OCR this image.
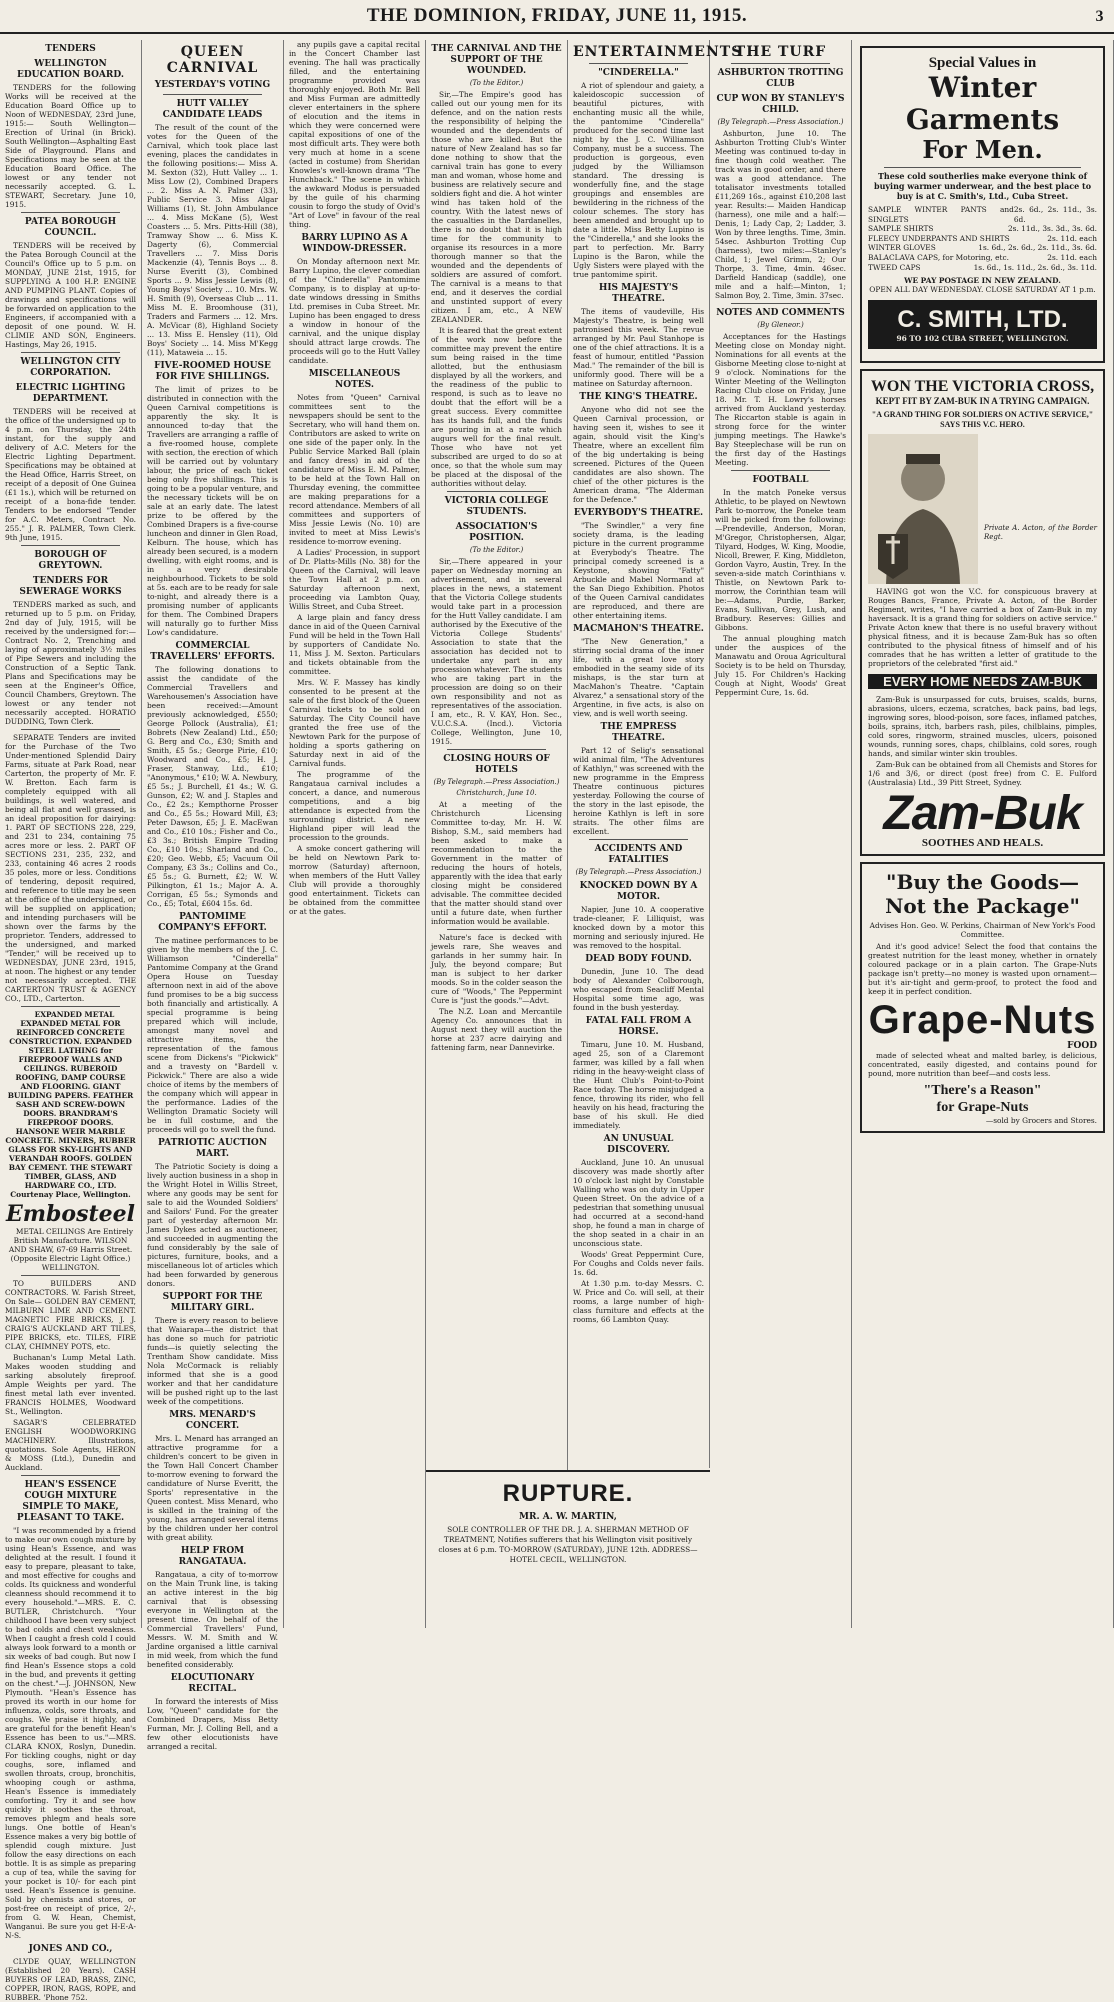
THE DOMINION, FRIDAY, JUNE 11, 1915.	3
TENDERS
WELLINGTON EDUCATION BOARD.

TENDERS for the following Works will be received at the Education Board Office up to Noon of WEDNESDAY, 23rd June, 1915:— South Wellington—Erection of Urinal (in Brick). South Wellington—Asphalting East Side of Playground. Plans and Specifications may be seen at the Education Board Office. The lowest or any tender not necessarily accepted. G. L. STEWART, Secretary. June 10, 1915.

PATEA BOROUGH COUNCIL.

TENDERS will be received by the Patea Borough Council at the Council's Office up to 5 p.m. on MONDAY, JUNE 21st, 1915, for SUPPLYING A 100 H.P. ENGINE AND PUMPING PLANT. Copies of drawings and specifications will be forwarded on application to the Engineers, if accompanied with a deposit of one pound. W. H. CLIMIE AND SON, Engineers. Hastings, May 26, 1915.

WELLINGTON CITY CORPORATION.
ELECTRIC LIGHTING DEPARTMENT.

TENDERS will be received at the office of the undersigned up to 4 p.m. on Thursday, the 24th instant, for the supply and delivery of A.C. Meters for the Electric Lighting Department. Specifications may be obtained at the Head Office, Harris Street, on receipt of a deposit of One Guinea (£1 1s.), which will be returned on receipt of a bona-fide tender. Tenders to be endorsed "Tender for A.C. Meters, Contract No. 255." J. R. PALMER, Town Clerk. 9th June, 1915.

BOROUGH OF GREYTOWN.
TENDERS FOR SEWERAGE WORKS

TENDERS marked as such, and returned up to 5 p.m. on Friday, 2nd day of July, 1915, will be received by the undersigned for:— Contract No. 2, Trenching and laying of approximately 3½ miles of Pipe Sewers and including the Construction of a Septic Tank. Plans and Specifications may be seen at the Engineer's Office, Council Chambers, Greytown. The lowest or any tender not necessarily accepted. HORATIO DUDDING, Town Clerk.

SEPARATE Tenders are invited for the Purchase of the Two Under-mentioned Splendid Dairy Farms, situate at Park Road, near Carterton, the property of Mr. F. W. Bretton. Each farm is completely equipped with all buildings, is well watered, and being all flat and well grassed, is an ideal proposition for dairying: 1. PART OF SECTIONS 228, 229, and 231 to 234, containing 75 acres more or less. 2. PART OF SECTIONS 231, 235, 232, and 233, containing 46 acres 2 roods 35 poles, more or less. Conditions of tendering, deposit required, and reference to title may be seen at the office of the undersigned, or will be supplied on application; and intending purchasers will be shown over the farms by the proprietor. Tenders, addressed to the undersigned, and marked "Tender," will be received up to WEDNESDAY, JUNE 23rd, 1915, at noon. The highest or any tender not necessarily accepted. THE CARTERTON TRUST & AGENCY CO., LTD., Carterton.

EXPANDED METAL EXPANDED METAL FOR REINFORCED CONCRETE CONSTRUCTION. EXPANDED STEEL LATHING for FIREPROOF WALLS AND CEILINGS. RUBEROID ROOFING, DAMP COURSE AND FLOORING. GIANT BUILDING PAPERS. FEATHER SASH AND SCREW-DOWN DOORS. BRANDRAM'S FIREPROOF DOORS. HANSONE WEIR MARBLE CONCRETE. MINERS, RUBBER GLASS FOR SKY-LIGHTS AND VERANDAH ROOFS. GOLDEN BAY CEMENT. THE STEWART TIMBER, GLASS, AND HARDWARE CO., LTD. Courtenay Place, Wellington.

Embosteel

METAL CEILINGS Are Entirely British Manufacture. WILSON AND SHAW, 67-69 Harris Street. (Opposite Electric Light Office.) WELLINGTON.

TO BUILDERS AND CONTRACTORS. W. Farish Street, On Sale— GOLDEN BAY CEMENT, MILBURN LIME AND CEMENT. MAGNETIC FIRE BRICKS, J. J. CRAIG'S AUCKLAND ART TILES, PIPE BRICKS, etc. TILES, FIRE CLAY, CHIMNEY POTS, etc.

Buchanan's Lump Metal Lath. Makes wooden studding and sarking absolutely fireproof. Ample Weights per yard. The finest metal lath ever invented. FRANCIS HOLMES, Woodward St., Wellington.

SAGAR'S CELEBRATED ENGLISH WOODWORKING MACHINERY. Illustrations, quotations. Sole Agents, HERON & MOSS (Ltd.), Dunedin and Auckland.

HEAN'S ESSENCE COUGH MIXTURE SIMPLE TO MAKE, PLEASANT TO TAKE.

"I was recommended by a friend to make our own cough mixture by using Hean's Essence, and was delighted at the result. I found it easy to prepare, pleasant to take, and most effective for coughs and colds. Its quickness and wonderful cleanness should recommend it to every household."—MRS. E. C. BUTLER, Christchurch. "Your childhood I have been very subject to bad colds and chest weakness. When I caught a fresh cold I could always look forward to a month or six weeks of bad cough. But now I find Hean's Essence stops a cold in the bud, and prevents it getting on the chest."—J. JOHNSON, New Plymouth. "Hean's Essence has proved its worth in our home for influenza, colds, sore throats, and coughs. We praise it highly, and are grateful for the benefit Hean's Essence has been to us."—MRS. CLARA KNOX, Roslyn, Dunedin. For tickling coughs, night or day coughs, sore, inflamed and swollen throats, croup, bronchitis, whooping cough or asthma, Hean's Essence is immediately comforting. Try it and see how quickly it soothes the throat, removes phlegm and heals sore lungs. One bottle of Hean's Essence makes a very big bottle of splendid cough mixture. Just follow the easy directions on each bottle. It is as simple as preparing a cup of tea, while the saving for your pocket is 10/- for each pint used. Hean's Essence is genuine. Sold by chemists and stores, or post-free on receipt of price, 2/-, from G. W. Hean, Chemist, Wanganui. Be sure you get H-E-A-N-S.

JONES AND CO.,

CLYDE QUAY, WELLINGTON (Established 20 Years). CASH BUYERS OF LEAD, BRASS, ZINC, COPPER, IRON, RAGS, ROPE, and RUBBER. 'Phone 752.

QUEEN CARNIVAL
YESTERDAY'S VOTING
HUTT VALLEY CANDIDATE LEADS

The result of the count of the votes for the Queen of the Carnival, which took place last evening, places the candidates in the following positions:— Miss A. M. Sexton (32), Hutt Valley ... 1. Miss Low (2), Combined Drapers ... 2. Miss A. N. Palmer (33), Public Service 3. Miss Algar Williams (1), St. John Ambulance ... 4. Miss McKane (5), West Coasters ... 5. Mrs. Pitts-Hill (38), Tramway Show ... 6. Miss K. Dagerty (6), Commercial Travellers ... 7. Miss Doris Mackenzie (4), Tennis Boys ... 8. Nurse Everitt (3), Combined Sports ... 9. Miss Jessie Lewis (8), Young Boys' Society ... 10. Mrs. W. H. Smith (9), Overseas Club ... 11. Miss M. E. Broomhouse (31), Traders and Farmers ... 12. Mrs. A. McVicar (8), Highland Society ... 13. Miss E. Hensley (11), Old Boys' Society ... 14. Miss M'Kegg (11), Mataweia ... 15.

FIVE-ROOMED HOUSE FOR FIVE SHILLINGS.

The limit of prizes to be distributed in connection with the Queen Carnival competitions is apparently the sky. It is announced to-day that the Travellers are arranging a raffle of a five-roomed house, complete with section, the erection of which will be carried out by voluntary labour, the price of each ticket being only five shillings. This is going to be a popular venture, and the necessary tickets will be on sale at an early date. The latest prize to be offered by the Combined Drapers is a five-course luncheon and dinner in Glen Road, Kelburn. The house, which has already been secured, is a modern dwelling, with eight rooms, and is in a very desirable neighbourhood. Tickets to be sold at 5s. each are to be ready for sale to-night, and already there is a promising number of applicants for them. The Combined Drapers will naturally go to further Miss Low's candidature.

COMMERCIAL TRAVELLERS' EFFORTS.

The following donations to assist the candidate of the Commercial Travellers and Warehousemen's Association have been received:—Amount previously acknowledged, £550; George Pollock (Australia), £1; Bobrets (New Zealand) Ltd., £50; G. Berg and Co., £30; Smith and Smith, £5 5s.; George Pirie, £10; Woodward and Co., £5; H. J. Fraser, Stanway, Ltd., £10; "Anonymous," £10; W. A. Newbury, £5 5s.; J. Burchell, £1 4s.; W. G. Gunson, £2; W. and J. Staples and Co., £2 2s.; Kempthorne Prosser and Co., £5 5s.; Howard Mill, £3; Peter Dawson, £5; J. E. MacEwan and Co., £10 10s.; Fisher and Co., £3 3s.; British Empire Trading Co., £10 10s.; Sharland and Co., £20; Geo. Webb, £5; Vacuum Oil Company, £3 3s.; Collins and Co., £5 5s.; G. Burnett, £2; W. W. Pilkington, £1 1s.; Major A. A. Corrigan, £5 5s.; Symonds and Co., £5; Total, £604 15s. 6d.

PANTOMIME COMPANY'S EFFORT.

The matinee performances to be given by the members of the J. C. Williamson "Cinderella" Pantomime Company at the Grand Opera House on Tuesday afternoon next in aid of the above fund promises to be a big success both financially and artistically. A special programme is being prepared which will include, amongst many novel and attractive items, the representation of the famous scene from Dickens's "Pickwick" and a travesty on "Bardell v. Pickwick." There are also a wide choice of items by the members of the company which will appear in the performance. Ladies of the Wellington Dramatic Society will be in full costume, and the proceeds will go to swell the fund.

PATRIOTIC AUCTION MART.

The Patriotic Society is doing a lively auction business in a shop in the Wright Hotel in Willis Street, where any goods may be sent for sale to aid the Wounded Soldiers' and Sailors' Fund. For the greater part of yesterday afternoon Mr. James Dykes acted as auctioneer, and succeeded in augmenting the fund considerably by the sale of pictures, furniture, books, and a miscellaneous lot of articles which had been forwarded by generous donors.

SUPPORT FOR THE MILITARY GIRL.

There is every reason to believe that Waiarapa—the district that has done so much for patriotic funds—is quietly selecting the Trentham Show candidate. Miss Nola McCormack is reliably informed that she is a good worker and that her candidature will be pushed right up to the last week of the competitions.

MRS. MENARD'S CONCERT.

Mrs. L. Menard has arranged an attractive programme for a children's concert to be given in the Town Hall Concert Chamber to-morrow evening to forward the candidature of Nurse Everitt, the Sports' representative in the Queen contest. Miss Menard, who is skilled in the training of the young, has arranged several items by the children under her control with great ability.

HELP FROM RANGATAUA.

Rangataua, a city of to-morrow on the Main Trunk line, is taking an active interest in the big carnival that is obsessing everyone in Wellington at the present time. On behalf of the Commercial Travellers' Fund, Messrs. W. M. Smith and W. Jardine organised a little carnival in mid week, from which the fund benefited considerably.

ELOCUTIONARY RECITAL.

In forward the interests of Miss Low, "Queen" candidate for the Combined Drapers, Miss Betty Furman, Mr. J. Colling Bell, and a few other elocutionists have arranged a recital.

any pupils gave a capital recital in the Concert Chamber last evening. The hall was practically filled, and the entertaining programme provided was thoroughly enjoyed. Both Mr. Bell and Miss Furman are admittedly clever entertainers in the sphere of elocution and the items in which they were concerned were capital expositions of one of the most difficult arts. They were both very much at home in a scene (acted in costume) from Sheridan Knowles's well-known drama "The Hunchback." The scene in which the awkward Modus is persuaded by the guile of his charming cousin to forgo the study of Ovid's "Art of Love" in favour of the real thing.

BARRY LUPINO AS A WINDOW-DRESSER.

On Monday afternoon next Mr. Barry Lupino, the clever comedian of the "Cinderella" Pantomime Company, is to display at up-to-date windows dressing in Smiths Ltd. premises in Cuba Street. Mr. Lupino has been engaged to dress a window in honour of the carnival, and the unique display should attract large crowds. The proceeds will go to the Hutt Valley candidate.

MISCELLANEOUS NOTES.

Notes from "Queen" Carnival committees sent to the newspapers should be sent to the Secretary, who will hand them on. Contributors are asked to write on one side of the paper only. In the Public Service Marked Ball (plain and fancy dress) in aid of the candidature of Miss E. M. Palmer, to be held at the Town Hall on Thursday evening, the committee are making preparations for a record attendance. Members of all committees and supporters of Miss Jessie Lewis (No. 10) are invited to meet at Miss Lewis's residence to-morrow evening.

A Ladies' Procession, in support of Dr. Platts-Mills (No. 38) for the Queen of the Carnival, will leave the Town Hall at 2 p.m. on Saturday afternoon next, proceeding via Lambton Quay, Willis Street, and Cuba Street.

A large plain and fancy dress dance in aid of the Queen Carnival Fund will be held in the Town Hall by supporters of Candidate No. 11, Miss J. M. Sexton. Particulars and tickets obtainable from the committee.

Mrs. W. F. Massey has kindly consented to be present at the sale of the first block of the Queen Carnival tickets to be sold on Saturday. The City Council have granted the free use of the Newtown Park for the purpose of holding a sports gathering on Saturday next in aid of the Carnival funds.

The programme of the Rangataua carnival includes a concert, a dance, and numerous competitions, and a big attendance is expected from the surrounding district. A new Highland piper will lead the procession to the grounds.

A smoke concert gathering will be held on Newtown Park to-morrow (Saturday) afternoon, when members of the Hutt Valley Club will provide a thoroughly good entertainment. Tickets can be obtained from the committee or at the gates.

THE CARNIVAL AND THE SUPPORT OF THE WOUNDED.
(To the Editor.)

Sir,—The Empire's good has called out our young men for its defence, and on the nation rests the responsibility of helping the wounded and the dependents of those who are killed. But the nature of New Zealand has so far done nothing to show that the carnival train has gone to every man and woman, whose home and business are relatively secure and soldiers fight and die. A hot winter wind has taken hold of the country. With the latest news of the casualties in the Dardanelles, there is no doubt that it is high time for the community to organise its resources in a more thorough manner so that the wounded and the dependents of soldiers are assured of comfort. The carnival is a means to that end, and it deserves the cordial and unstinted support of every citizen. I am, etc., A NEW ZEALANDER.

It is feared that the great extent of the work now before the committee may prevent the entire sum being raised in the time allotted, but the enthusiasm displayed by all the workers, and the readiness of the public to respond, is such as to leave no doubt that the effort will be a great success. Every committee has its hands full, and the funds are pouring in at a rate which augurs well for the final result. Those who have not yet subscribed are urged to do so at once, so that the whole sum may be placed at the disposal of the authorities without delay.

VICTORIA COLLEGE STUDENTS.
ASSOCIATION'S POSITION.
(To the Editor.)

Sir,—There appeared in your paper on Wednesday morning an advertisement, and in several places in the news, a statement that the Victoria College students would take part in a procession for the Hutt Valley candidate. I am authorised by the Executive of the Victoria College Students' Association to state that the association has decided not to undertake any part in any procession whatever. The students who are taking part in the procession are doing so on their own responsibility and not as representatives of the association. I am, etc., R. V. KAY, Hon. Sec., V.U.C.S.A. (Incd.). Victoria College, Wellington, June 10, 1915.

CLOSING HOURS OF HOTELS
(By Telegraph.—Press Association.)
Christchurch, June 10.

At a meeting of the Christchurch Licensing Committee to-day, Mr. H. W. Bishop, S.M., said members had been asked to make a recommendation to the Government in the matter of reducing the hours of hotels, apparently with the idea that early closing might be considered advisable. The committee decided that the matter should stand over until a future date, when further information would be available.

Nature's face is decked with jewels rare, She weaves and garlands in her summy hair. In July, the beyond compare; But man is subject to her darker moods. So in the colder season the cure of "Woods," The Peppermint Cure is "just the goods."—Advt.

The N.Z. Loan and Mercantile Agency Co. announces that in August next they will auction the horse at 237 acre dairying and fattening farm, near Dannevirke.

RUPTURE.
MR. A. W. MARTIN,

SOLE CONTROLLER OF THE DR. J. A. SHERMAN METHOD OF TREATMENT, Notifies sufferers that his Wellington visit positively closes at 6 p.m. TO-MORROW (SATURDAY), JUNE 12th. ADDRESS—HOTEL CECIL, WELLINGTON.

ENTERTAINMENTS
"CINDERELLA."

A riot of splendour and gaiety, a kaleidoscopic succession of beautiful pictures, with enchanting music all the while, the pantomime "Cinderella" produced for the second time last night by the J. C. Williamson Company, must be a success. The production is gorgeous, even judged by the Williamson standard. The dressing is wonderfully fine, and the stage groupings and ensembles are bewildering in the richness of the colour schemes. The story has been amended and brought up to date a little. Miss Betty Lupino is the "Cinderella," and she looks the part to perfection. Mr. Barry Lupino is the Baron, while the Ugly Sisters were played with the true pantomime spirit.

HIS MAJESTY'S THEATRE.

The items of vaudeville, His Majesty's Theatre, is being well patronised this week. The revue arranged by Mr. Paul Stanhope is one of the chief attractions. It is a feast of humour, entitled "Passion Mad." The remainder of the bill is uniformly good. There will be a matinee on Saturday afternoon.

THE KING'S THEATRE.

Anyone who did not see the Queen Carnival procession, or having seen it, wishes to see it again, should visit the King's Theatre, where an excellent film of the big undertaking is being screened. Pictures of the Queen candidates are also shown. The chief of the other pictures is the American drama, "The Alderman for the Defence."

EVERYBODY'S THEATRE.

"The Swindler," a very fine society drama, is the leading picture in the current programme at Everybody's Theatre. The principal comedy screened is a Keystone, showing "Fatty" Arbuckle and Mabel Normand at the San Diego Exhibition. Photos of the Queen Carnival candidates are reproduced, and there are other entertaining items.

MACMAHON'S THEATRE.

"The New Generation," a stirring social drama of the inner life, with a great love story embodied in the seamy side of its mishaps, is the star turn at MacMahon's Theatre. "Captain Alvarez," a sensational story of the Argentine, in five acts, is also on view, and is well worth seeing.

THE EMPRESS THEATRE.

Part 12 of Selig's sensational wild animal film, "The Adventures of Kathlyn," was screened with the new programme in the Empress Theatre continuous pictures yesterday. Following the course of the story in the last episode, the heroine Kathlyn is left in sore straits. The other films are excellent.

ACCIDENTS AND FATALITIES
(By Telegraph.—Press Association.)
KNOCKED DOWN BY A MOTOR.

Napier, June 10. A cooperative trade-cleaner, F. Lilliquist, was knocked down by a motor this morning and seriously injured. He was removed to the hospital.

DEAD BODY FOUND.

Dunedin, June 10. The dead body of Alexander Colborough, who escaped from Seacliff Mental Hospital some time ago, was found in the bush yesterday.

FATAL FALL FROM A HORSE.

Timaru, June 10. M. Husband, aged 25, son of a Claremont farmer, was killed by a fall when riding in the heavy-weight class of the Hunt Club's Point-to-Point Race today. The horse misjudged a fence, throwing its rider, who fell heavily on his head, fracturing the base of his skull. He died immediately.

AN UNUSUAL DISCOVERY.

Auckland, June 10. An unusual discovery was made shortly after 10 o'clock last night by Constable Walling who was on duty in Upper Queen Street. On the advice of a pedestrian that something unusual had occurred at a second-hand shop, he found a man in charge of the shop seated in a chair in an unconscious state.

Woods' Great Peppermint Cure, For Coughs and Colds never fails. 1s. 6d.

At 1.30 p.m. to-day Messrs. C. W. Price and Co. will sell, at their rooms, a large number of high-class furniture and effects at the rooms, 66 Lambton Quay.

THE TURF
ASHBURTON TROTTING CLUB
CUP WON BY STANLEY'S CHILD.
(By Telegraph.—Press Association.)

Ashburton, June 10. The Ashburton Trotting Club's Winter Meeting was continued to-day in fine though cold weather. The track was in good order, and there was a good attendance. The totalisator investments totalled £11,269 16s., against £10,208 last year. Results:— Maiden Handicap (harness), one mile and a half:—Denis, 1; Lady Cap, 2; Ladder, 3. Won by three lengths. Time, 3min. 54sec. Ashburton Trotting Cup (harness), two miles:—Stanley's Child, 1; Jewel Grimm, 2; Our Thorpe, 3. Time, 4min. 46sec. Darfield Handicap (saddle), one mile and a half:—Minton, 1; Salmon Boy, 2. Time, 3min. 37sec.

NOTES AND COMMENTS
(By Gleneor.)

Acceptances for the Hastings Meeting close on Monday night. Nominations for all events at the Gisborne Meeting close to-night at 9 o'clock. Nominations for the Winter Meeting of the Wellington Racing Club close on Friday, June 18. Mr. T. H. Lowry's horses arrived from Auckland yesterday. The Riccarton stable is again in strong force for the winter jumping meetings. The Hawke's Bay Steeplechase will be run on the first day of the Hastings Meeting.

FOOTBALL

In the match Poneke versus Athletic, to be played on Newtown Park to-morrow, the Poneke team will be picked from the following:—Prendeville, Anderson, Moran, M'Gregor, Christophersen, Algar, Tilyard, Hodges, W. King, Moodie, Nicoll, Brewer, F. King, Middleton, Gordon Vayro, Austin, Trey. In the seven-a-side match Corinthians v. Thistle, on Newtown Park to-morrow, the Corinthian team will be:—Adams, Purdie, Barker, Evans, Sullivan, Grey, Lush, and Bradbury. Reserves: Gillies and Gibbons.

The annual ploughing match under the auspices of the Manawatu and Oroua Agricultural Society is to be held on Thursday, July 15. For Children's Hacking Cough at Night, Woods' Great Peppermint Cure, 1s. 6d.

Special Values in
Winter Garments
For Men.

These cold southerlies make everyone think of buying warmer underwear, and the best place to buy is at C. Smith's, Ltd., Cuba Street.

SAMPLE WINTER PANTS and SINGLETS
2s. 6d., 2s. 11d., 3s. 6d.
SAMPLE SHIRTS	2s. 11d., 3s. 3d., 3s. 6d.
FLEECY UNDERPANTS AND SHIRTS	2s. 11d. each
WINTER GLOVES	1s. 6d., 2s. 6d., 2s. 11d., 3s. 6d.
BALACLAVA CAPS, for Motoring, etc.	2s. 11d. each
TWEED CAPS	1s. 6d., 1s. 11d., 2s. 6d., 3s. 11d.
WE PAY POSTAGE IN NEW ZEALAND.
OPEN ALL DAY WEDNESDAY. CLOSE SATURDAY AT 1 p.m.
C. SMITH, LTD.
96 TO 102 CUBA STREET, WELLINGTON.
WON THE VICTORIA CROSS,
KEPT FIT BY ZAM-BUK IN A TRYING CAMPAIGN.
"A GRAND THING FOR SOLDIERS ON ACTIVE SERVICE," SAYS THIS V.C. HERO.
Private A. Acton, of the Border Regt.

HAVING got won the V.C. for conspicuous bravery at Rouges Bancs, France, Private A. Acton, of the Border Regiment, writes, "I have carried a box of Zam-Buk in my haversack. It is a grand thing for soldiers on active service." Private Acton knew that there is no useful bravery without physical fitness, and it is because Zam-Buk has so often contributed to the physical fitness of himself and of his comrades that he has written a letter of gratitude to the proprietors of the celebrated "first aid."

EVERY HOME NEEDS ZAM-BUK

Zam-Buk is unsurpassed for cuts, bruises, scalds, burns, abrasions, ulcers, eczema, scratches, back pains, bad legs, ingrowing sores, blood-poison, sore faces, inflamed patches, boils, sprains, itch, barbers rash, piles, chilblains, pimples, cold sores, ringworm, strained muscles, ulcers, poisoned wounds, running sores, chaps, chilblains, cold sores, rough hands, and similar winter skin troubles.

Zam-Buk can be obtained from all Chemists and Stores for 1/6 and 3/6, or direct (post free) from C. E. Fulford (Australasia) Ltd., 39 Pitt Street, Sydney.

Zam-Buk
SOOTHES AND HEALS.
"Buy the Goods—
Not the Package"

Advises Hon. Geo. W. Perkins, Chairman of New York's Food Committee.

And it's good advice! Select the food that contains the greatest nutrition for the least money, whether in ornately coloured package or in a plain carton. The Grape-Nuts package isn't pretty—no money is wasted upon ornament—but it's air-tight and germ-proof, to protect the food and keep it in perfect condition.

Grape-Nuts
FOOD

made of selected wheat and malted barley, is delicious, concentrated, easily digested, and contains pound for pound, more nutrition than beef—and costs less.

"There's a Reason"
for Grape-Nuts
—sold by Grocers and Stores.
